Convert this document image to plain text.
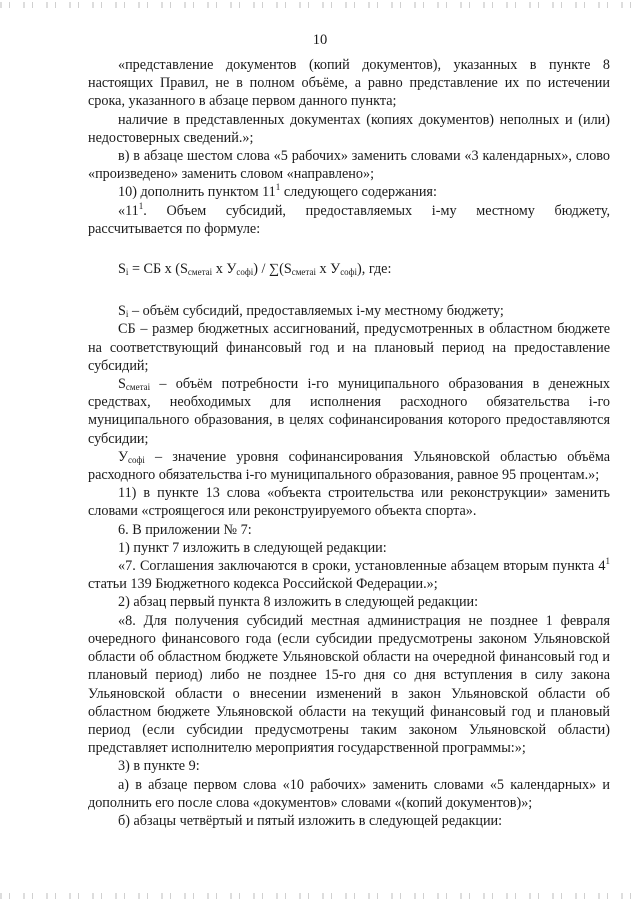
10

«представление документов (копий документов), указанных в пункте 8 настоящих Правил, не в полном объёме, а равно представление их по истечении срока, указанного в абзаце первом данного пункта;

наличие в представленных документах (копиях документов) неполных и (или) недостоверных сведений.»;

в) в абзаце шестом слова «5 рабочих» заменить словами «3 календарных», слово «произведено» заменить словом «направлено»;

10) дополнить пунктом $11^1$ следующего содержания:

«$11^1$. Объем субсидий, предоставляемых i-му местному бюджету, рассчитывается по формуле:

$S_i$ = СБ х ($S_{сметаi}$ х $У_{софi}) / \sum(S_{сметаi}$ х $У_{софi}$), где:

$S_i$ – объём субсидий, предоставляемых i-му местному бюджету;

СБ – размер бюджетных ассигнований, предусмотренных в областном бюджете на соответствующий финансовый год и на плановый период на предоставление субсидий;

$S_{сметаi}$ – объём потребности i-го муниципального образования в денежных средствах, необходимых для исполнения расходного обязательства i-го муниципального образования, в целях софинансирования которого предоставляются субсидии;

$У_{софi}$ – значение уровня софинансирования Ульяновской областью объёма расходного обязательства i-го муниципального образования, равное 95 процентам.»;

11) в пункте 13 слова «объекта строительства или реконструкции» заменить словами «строящегося или реконструируемого объекта спорта».

6. В приложении № 7:

1) пункт 7 изложить в следующей редакции:

«7. Соглашения заключаются в сроки, установленные абзацем вторым пункта $4^1$ статьи 139 Бюджетного кодекса Российской Федерации.»;

2) абзац первый пункта 8 изложить в следующей редакции:

«8. Для получения субсидий местная администрация не позднее 1 февраля очередного финансового года (если субсидии предусмотрены законом Ульяновской области об областном бюджете Ульяновской области на очередной финансовый год и плановый период) либо не позднее 15-го дня со дня вступления в силу закона Ульяновской области о внесении изменений в закон Ульяновской области об областном бюджете Ульяновской области на текущий финансовый год и плановый период (если субсидии предусмотрены таким законом Ульяновской области) представляет исполнителю мероприятия государственной программы:»;

3) в пункте 9:

а) в абзаце первом слова «10 рабочих» заменить словами «5 календарных» и дополнить его после слова «документов» словами «(копий документов)»;

б) абзацы четвёртый и пятый изложить в следующей редакции:
